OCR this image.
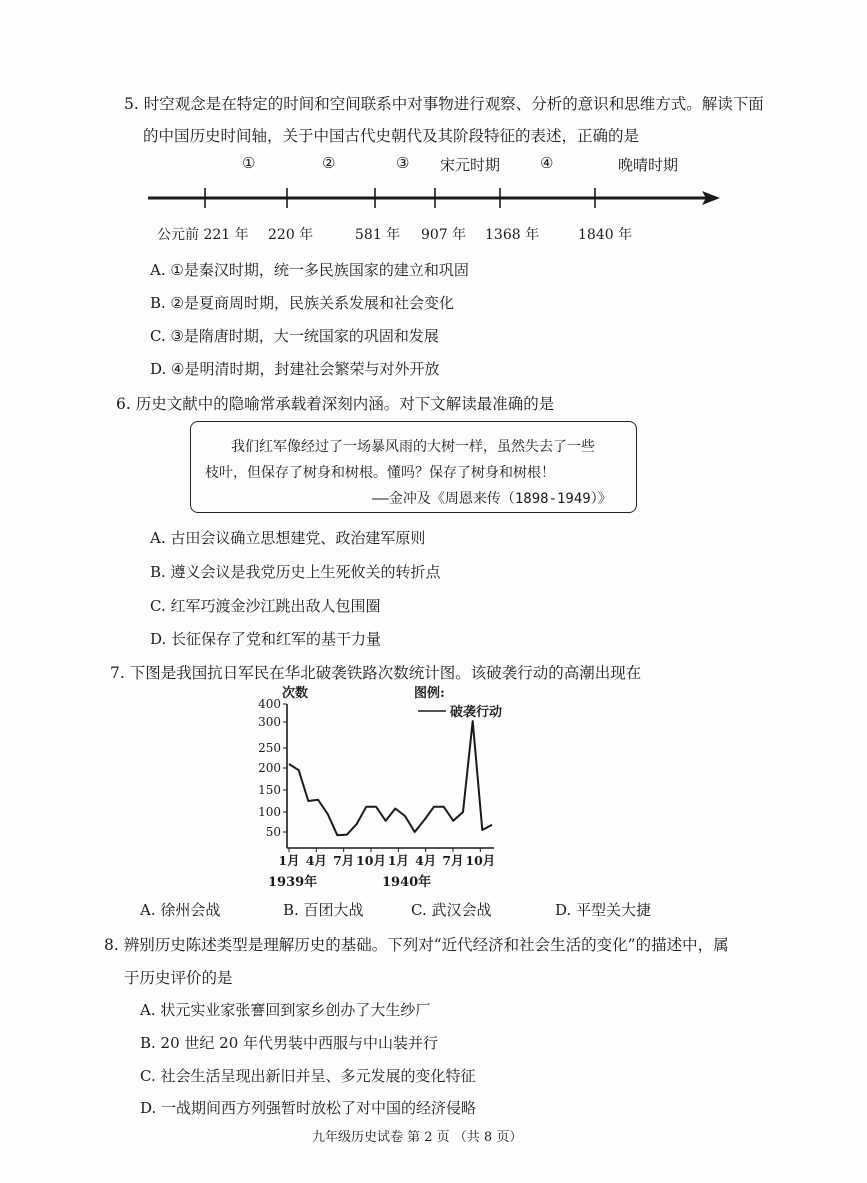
5. 时空观念是在特定的时间和空间联系中对事物进行观察、分析的意识和思维方式。解读下面
的中国历史时间轴，关于中国古代史朝代及其阶段特征的表述，正确的是
①	②	③ 宋元时期	④	晚晴时期
公元前 221 年 220 年	581 年 907 年 1368 年	1840 年
A. ①是秦汉时期，统一多民族国家的建立和巩固
B. ②是夏商周时期，民族关系发展和社会变化
C. ③是隋唐时期，大一统国家的巩固和发展
D. ④是明清时期，封建社会繁荣与对外开放
6. 历史文献中的隐喻常承载着深刻内涵。对下文解读最准确的是
我们红军像经过了一场暴风雨的大树一样，虽然失去了一些
枝叶，但保存了树身和树根。懂吗？保存了树身和树根！
——金冲及《周恩来传（1898-1949）》
A. 古田会议确立思想建党、政治建军原则
B. 遵义会议是我党历史上生死攸关的转折点
C. 红军巧渡金沙江跳出敌人包围圈
D. 长征保存了党和红军的基干力量
7. 下图是我国抗日军民在华北破袭铁路次数统计图。该破袭行动的高潮出现在
次数	图例:
破袭行动
400
300
250
200
150
100
50
1月 4月 7月 10月 1月 4月 7月 10月
1939年	1940年
A. 徐州会战	B. 百团大战	C. 武汉会战	D. 平型关大捷
8. 辨别历史陈述类型是理解历史的基础。下列对“近代经济和社会生活的变化”的描述中，属
于历史评价的是
A. 状元实业家张謇回到家乡创办了大生纱厂
B. 20 世纪 20 年代男装中西服与中山装并行
C. 社会生活呈现出新旧并呈、多元发展的变化特征
D. 一战期间西方列强暂时放松了对中国的经济侵略
九年级历史试卷 第 2 页 （共 8 页）
